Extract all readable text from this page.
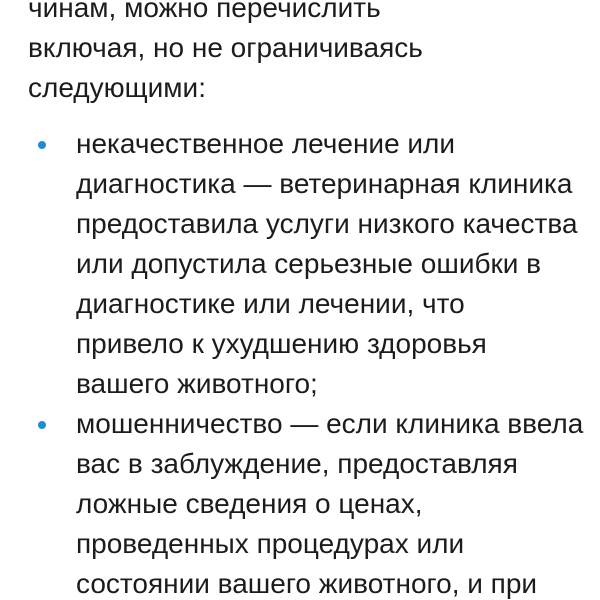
чинам, можно перечислить
включая, но не ограничиваясь
следующими:

некачественное лечение или
диагностика — ветеринарная клиника
предоставила услуги низкого качества
или допустила серьезные ошибки в
диагностике или лечении, что
привело к ухудшению здоровья
вашего животного;
мошенничество — если клиника ввела
вас в заблуждение, предоставляя
ложные сведения о ценах,
проведенных процедурах или
состоянии вашего животного, и при
